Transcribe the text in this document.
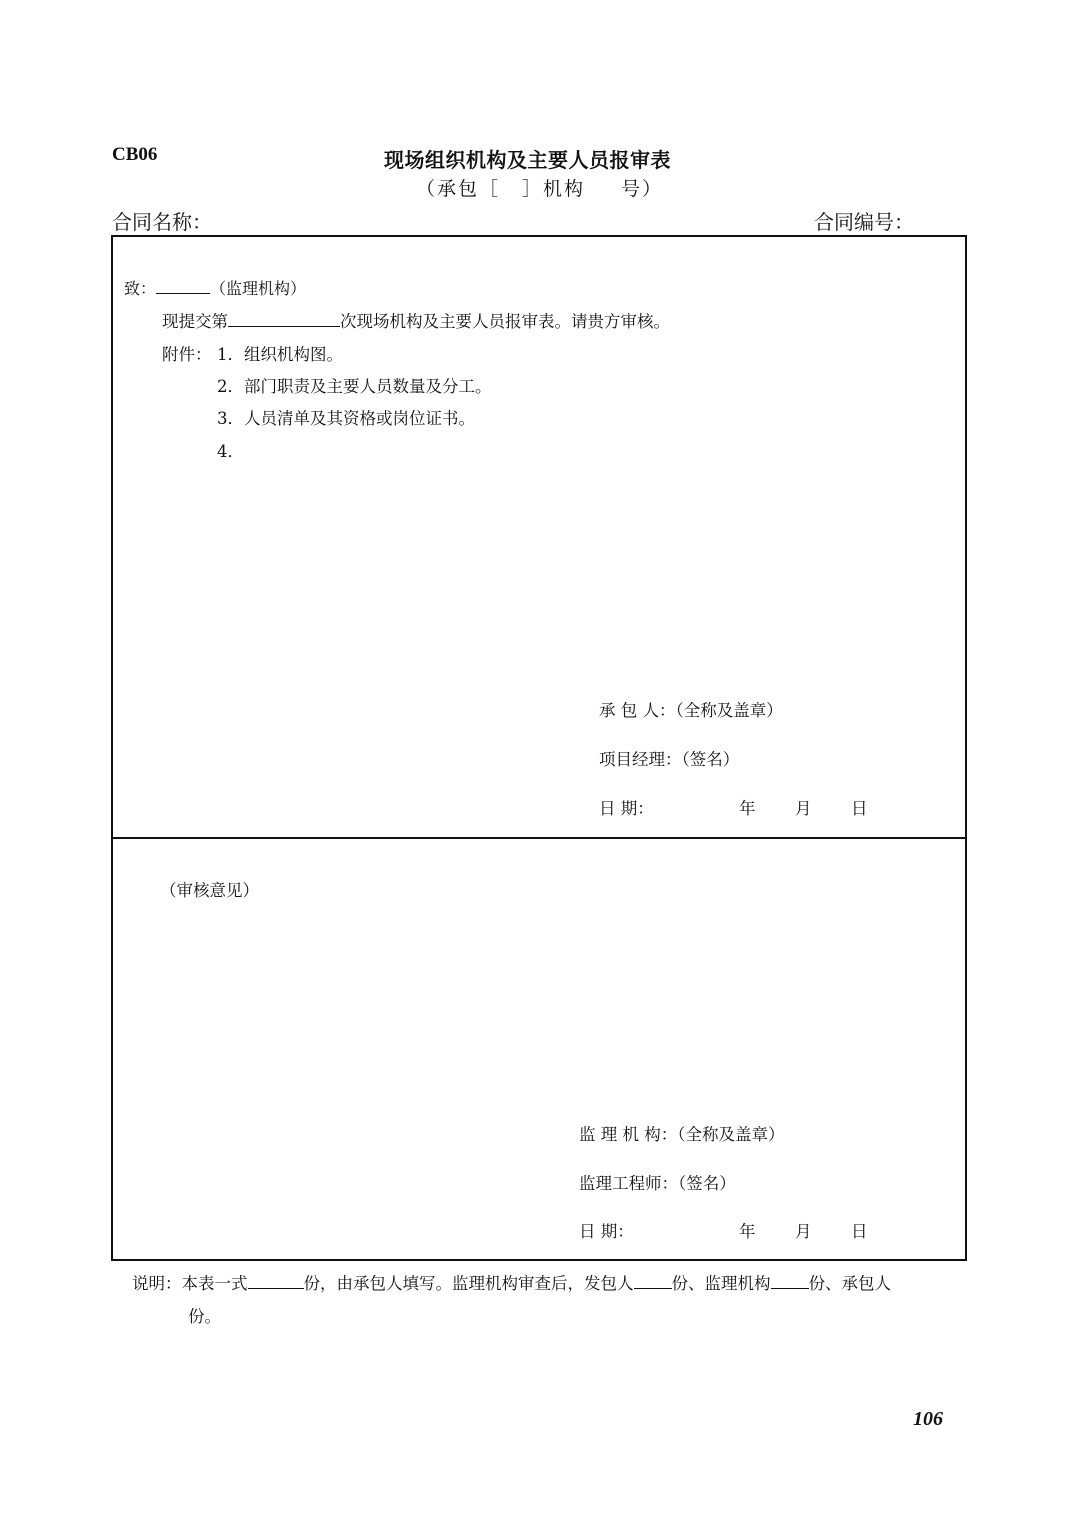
CB06	现场组织机构及主要人员报审表
（承包［ ］机构 号）
合同名称：	合同编号：
致：	（监理机构）
现提交第	次现场机构及主要人员报审表。请贵方审核。
附件： 1．组织机构图。
2．部门职责及主要人员数量及分工。
3．人员清单及其资格或岗位证书。
4．
承 包 人：（全称及盖章）
项目经理：（签名）
日 期：	年 月 日
（审核意见）
监 理 机 构：（全称及盖章）
监理工程师：（签名）
日 期：	年 月 日
说明：本表一式	份，由承包人填写。监理机构审查后，发包人 份、监理机构 份、承包人
份。
106
